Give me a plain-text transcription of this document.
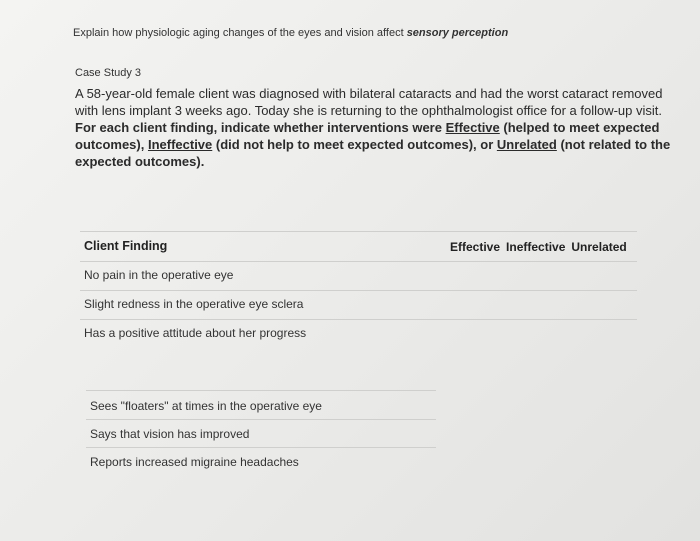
Explain how physiologic aging changes of the eyes and vision affect sensory perception
Case Study 3
A 58-year-old female client was diagnosed with bilateral cataracts and had the worst cataract removed with lens implant 3 weeks ago. Today she is returning to the ophthalmologist office for a follow-up visit. For each client finding, indicate whether interventions were Effective (helped to meet expected outcomes), Ineffective (did not help to meet expected outcomes), or Unrelated (not related to the expected outcomes).
Client Finding	Effective Ineffective Unrelated
No pain in the operative eye
Slight redness in the operative eye sclera
Has a positive attitude about her progress
Sees "floaters" at times in the operative eye
Says that vision has improved
Reports increased migraine headaches
